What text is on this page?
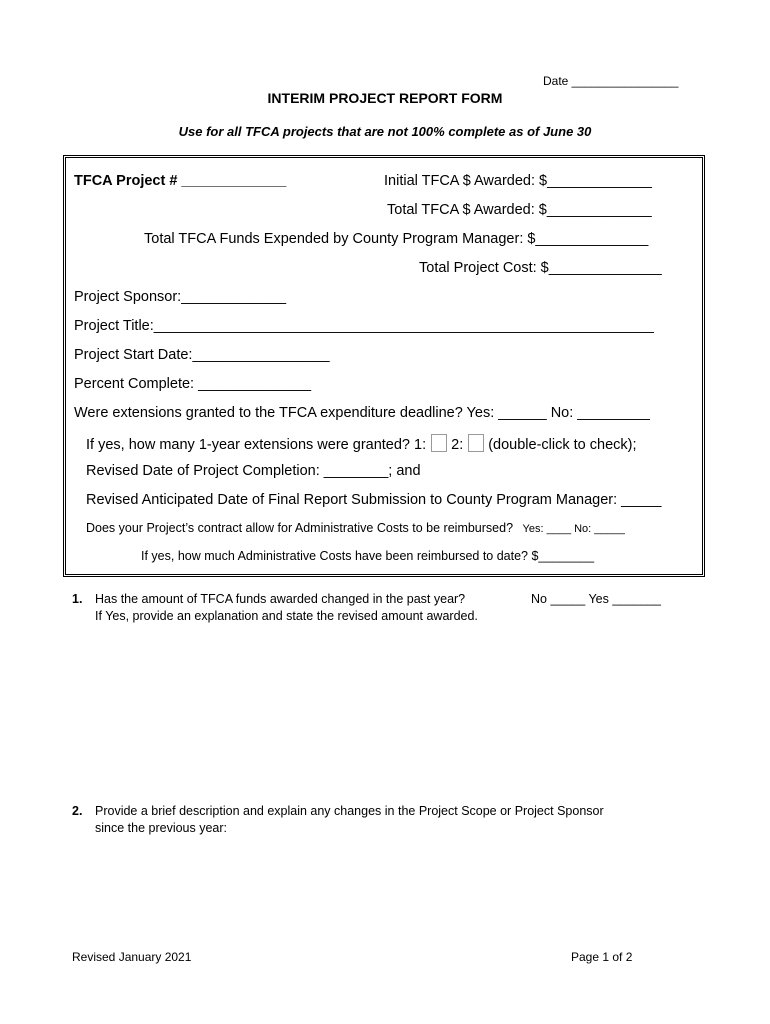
Date ________________
INTERIM PROJECT REPORT FORM
Use for all TFCA projects that are not 100% complete as of June 30
TFCA Project # _____________	Initial TFCA $ Awarded: $_____________
Total TFCA $ Awarded: $_____________
Total TFCA Funds Expended by County Program Manager: $______________
Total Project Cost: $______________
Project Sponsor:_____________
Project Title:______________________________________________________________
Project Start Date:_________________
Percent Complete: ______________
Were extensions granted to the TFCA expenditure deadline? Yes: ______ No: _________
If yes, how many 1-year extensions were granted? 1: 2: (double-click to check);
Revised Date of Project Completion: ________; and
Revised Anticipated Date of Final Report Submission to County Program Manager: _____
Does your Project’s contract allow for Administrative Costs to be reimbursed? Yes: ____ No: _____
If yes, how much Administrative Costs have been reimbursed to date? $________
1. Has the amount of TFCA funds awarded changed in the past year?	No _____ Yes _______
If Yes, provide an explanation and state the revised amount awarded.
2. Provide a brief description and explain any changes in the Project Scope or Project Sponsor
since the previous year:
Revised January 2021	Page 1 of 2
